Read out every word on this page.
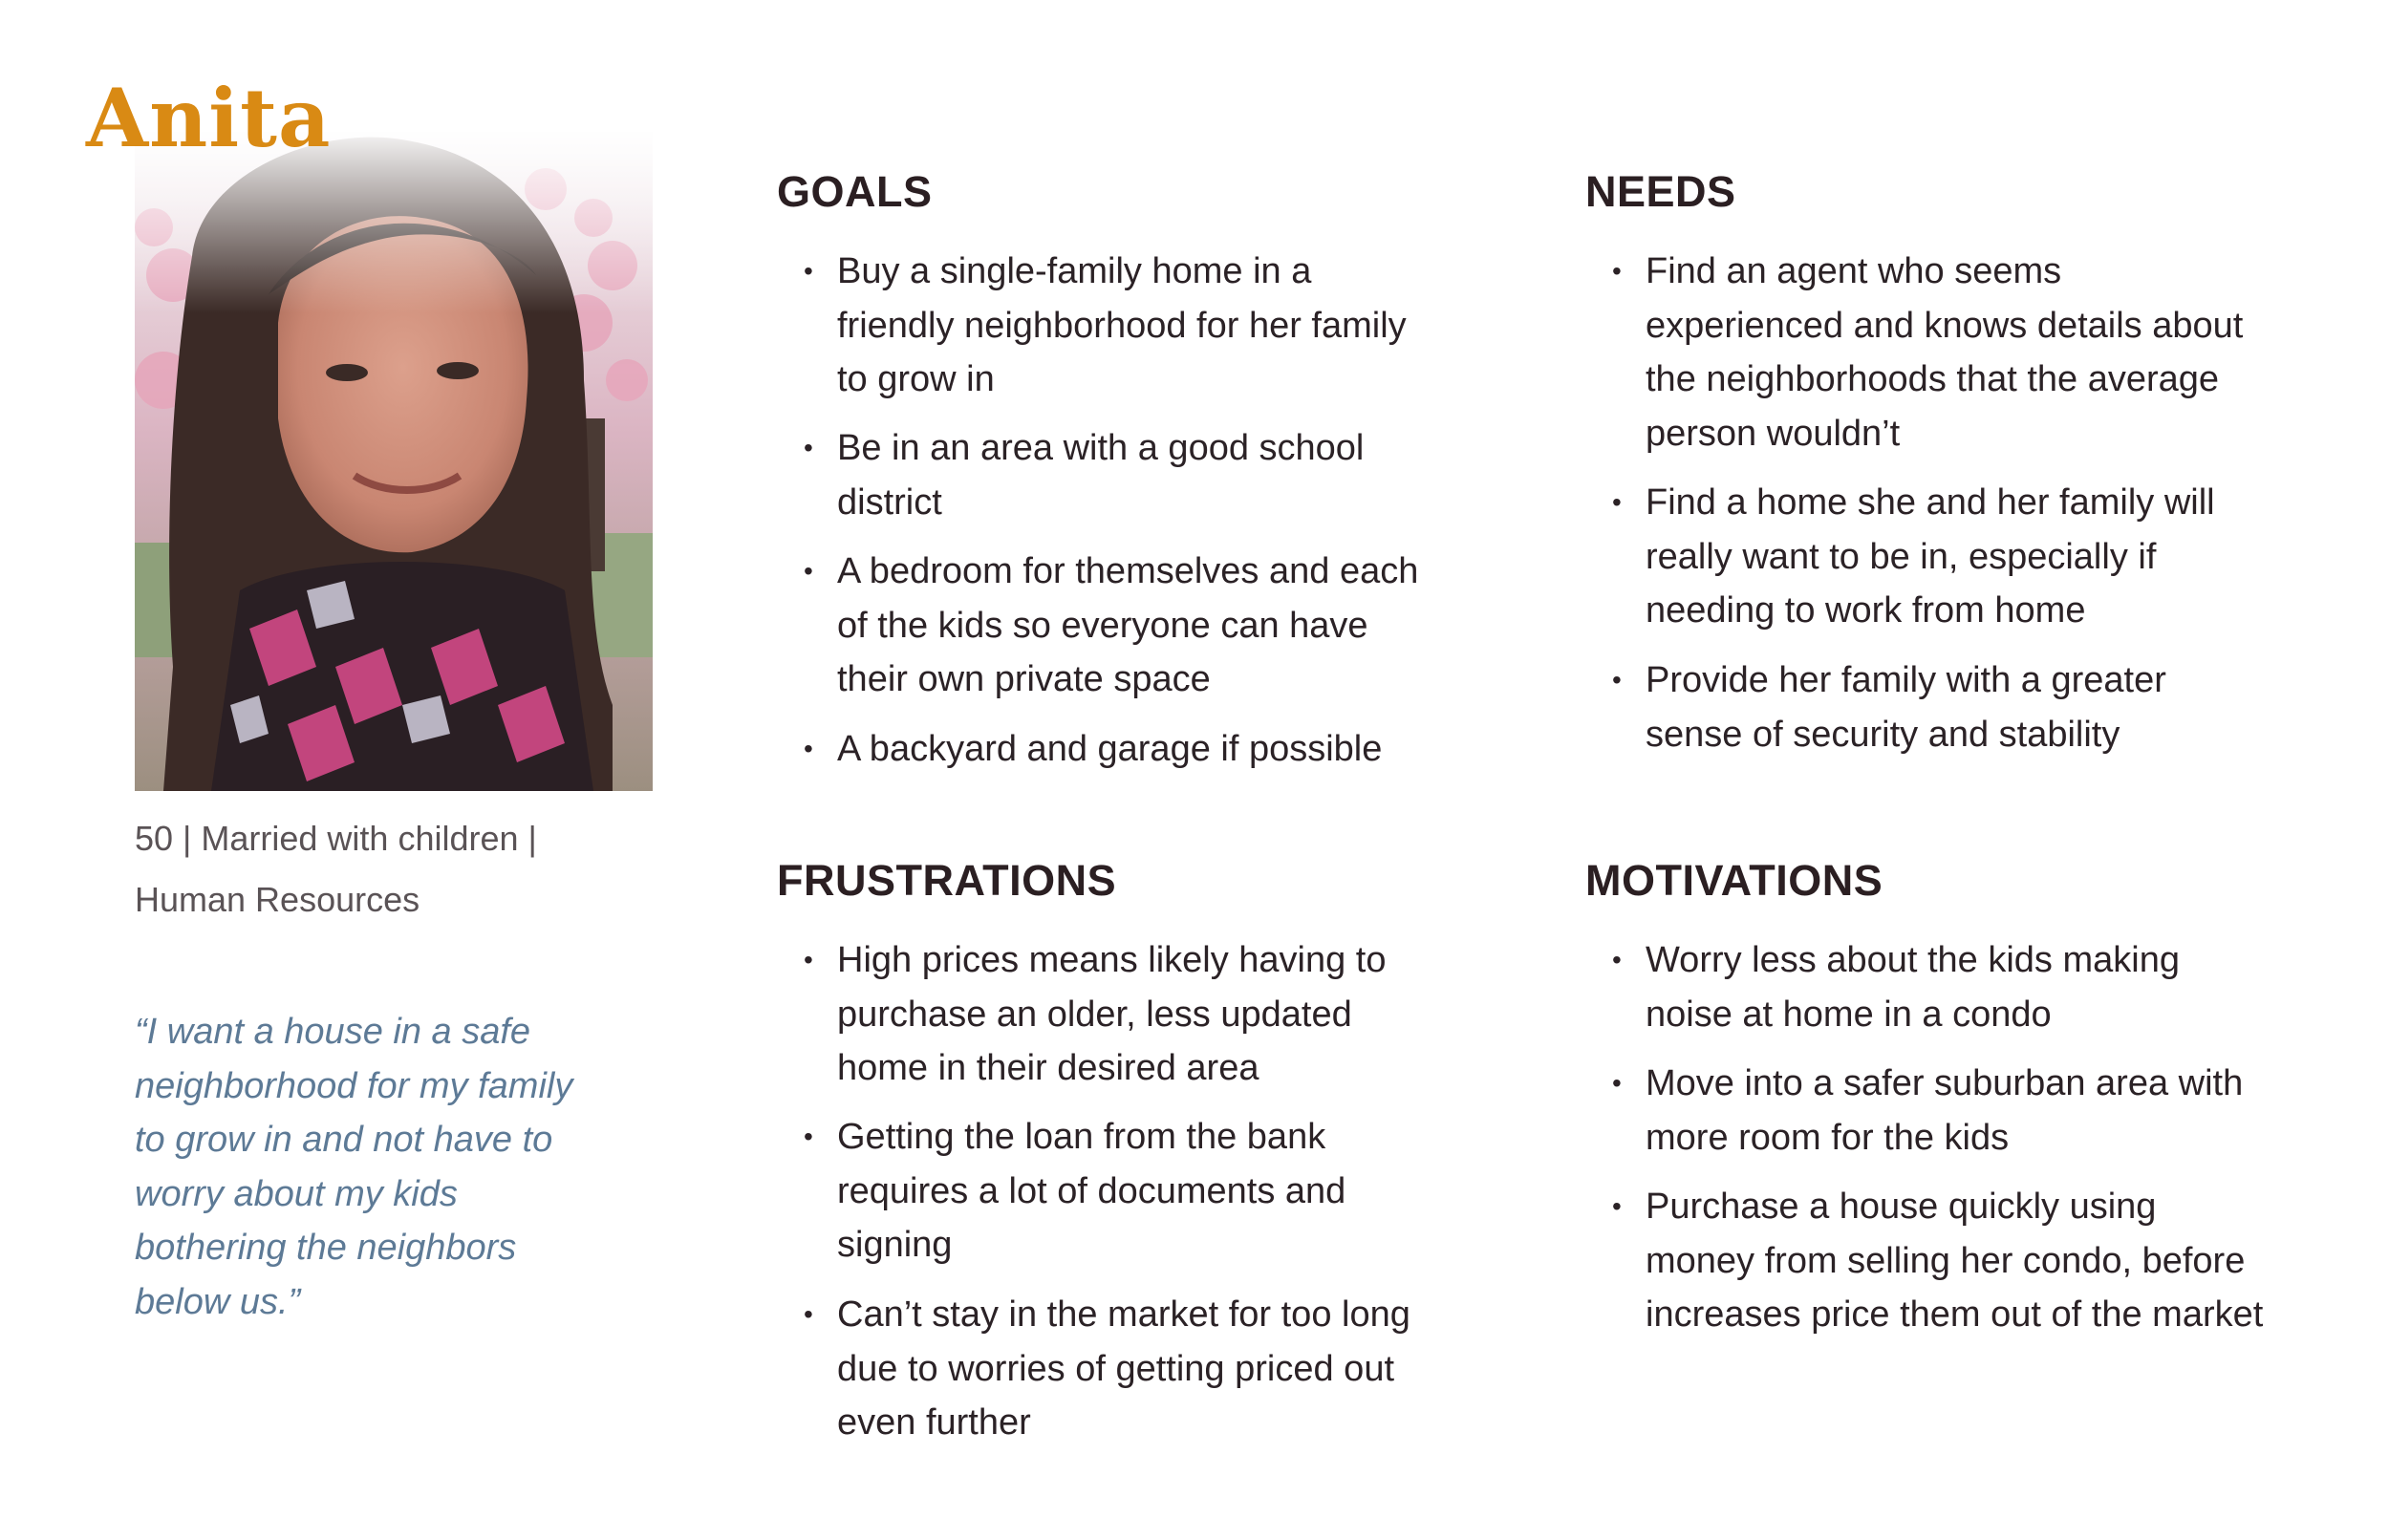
Anita
50 | Married with children |
Human Resources
“I want a house in a safe
neighborhood for my family
to grow in and not have to
worry about my kids
bothering the neighbors
below us.”
GOALS
• Buy a single-family home in a
friendly neighborhood for her family
to grow in
• Be in an area with a good school
district
• A bedroom for themselves and each
of the kids so everyone can have
their own private space
• A backyard and garage if possible
NEEDS
• Find an agent who seems
experienced and knows details about
the neighborhoods that the average
person wouldn’t
• Find a home she and her family will
really want to be in, especially if
needing to work from home
• Provide her family with a greater
sense of security and stability
FRUSTRATIONS
• High prices means likely having to
purchase an older, less updated
home in their desired area
• Getting the loan from the bank
requires a lot of documents and
signing
• Can’t stay in the market for too long
due to worries of getting priced out
even further
MOTIVATIONS
• Worry less about the kids making
noise at home in a condo
• Move into a safer suburban area with
more room for the kids
• Purchase a house quickly using
money from selling her condo, before
increases price them out of the market
